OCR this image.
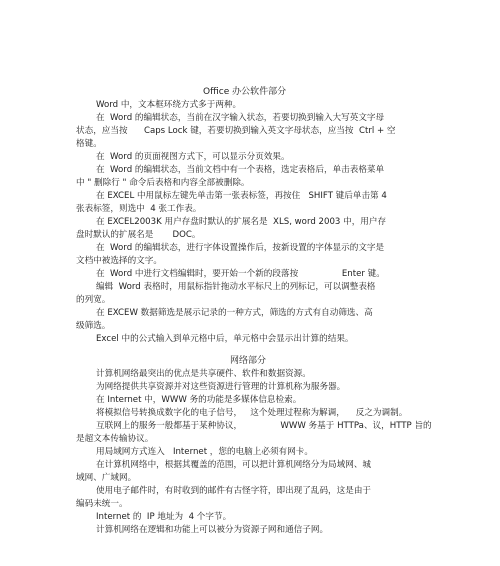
Office 办公软件部分
Word 中，文本框环绕方式多于两种。
在  Word 的编辑状态，当前在汉字输入状态，若要切换到输入大写英文字母
状态，应当按      Caps Lock 键，若要切换到输入英文字母状态，应当按  Ctrl + 空
格键。
在  Word 的页面视图方式下，可以显示分页效果。
在  Word 的编辑状态，当前文档中有一个表格，选定表格后，单击表格菜单
中 " 删除行 " 命令后表格和内容全部被删除。
在 EXCEL 中用鼠标左键先单击第一张表标签，再按住   SHIFT 键后单击第 4
张表标签，则选中  4 张工作表。
在 EXCEL2003K 用户存盘时默认的扩展名是  XLS, word 2003 中，用户存
盘时默认的扩展名是       DOC。
在  Word 的编辑状态，进行字体设置操作后，按新设置的字体显示的文字是
文档中被选择的文字。
在  Word 中进行文档编辑时，要开始一个新的段落按                Enter 键。
编辑  Word 表格时，用鼠标指针拖动水平标尺上的列标记，可以调整表格
的列宽。
在 EXCEW 数据筛选是展示记录的一种方式，筛选的方式有自动筛选、高
级筛选。
Excel 中的公式输入到单元格中后，单元格中会显示出计算的结果。
网络部分
计算机网络最突出的优点是共享硬件、软件和数据资源。
为网络提供共享资源并对这些资源进行管理的计算机称为服务器。
在 Internet 中，WWW 务的功能是多媒体信息检索。
将模拟信号转换成数字化的电子信号，   这个处理过程称为解调，    反之为调制。
互联网上的服务一般都基于某种协议，              WWW 务基于 HTTPa、议，HTTP 旨的
是超文本传输协议。
用局域网方式连入   Internet ，您的电脑上必须有网卡。
在计算机网络中，根据其覆盖的范围，可以把计算机网络分为局域网、城
域网、广域网。
使用电子邮件时，有时收到的邮件有古怪字符，即出现了乱码，这是由于
编码未统一。
Internet 的  IP 地址为  4 个字节。
计算机网络在逻辑和功能上可以被分为资源子网和通信子网。
